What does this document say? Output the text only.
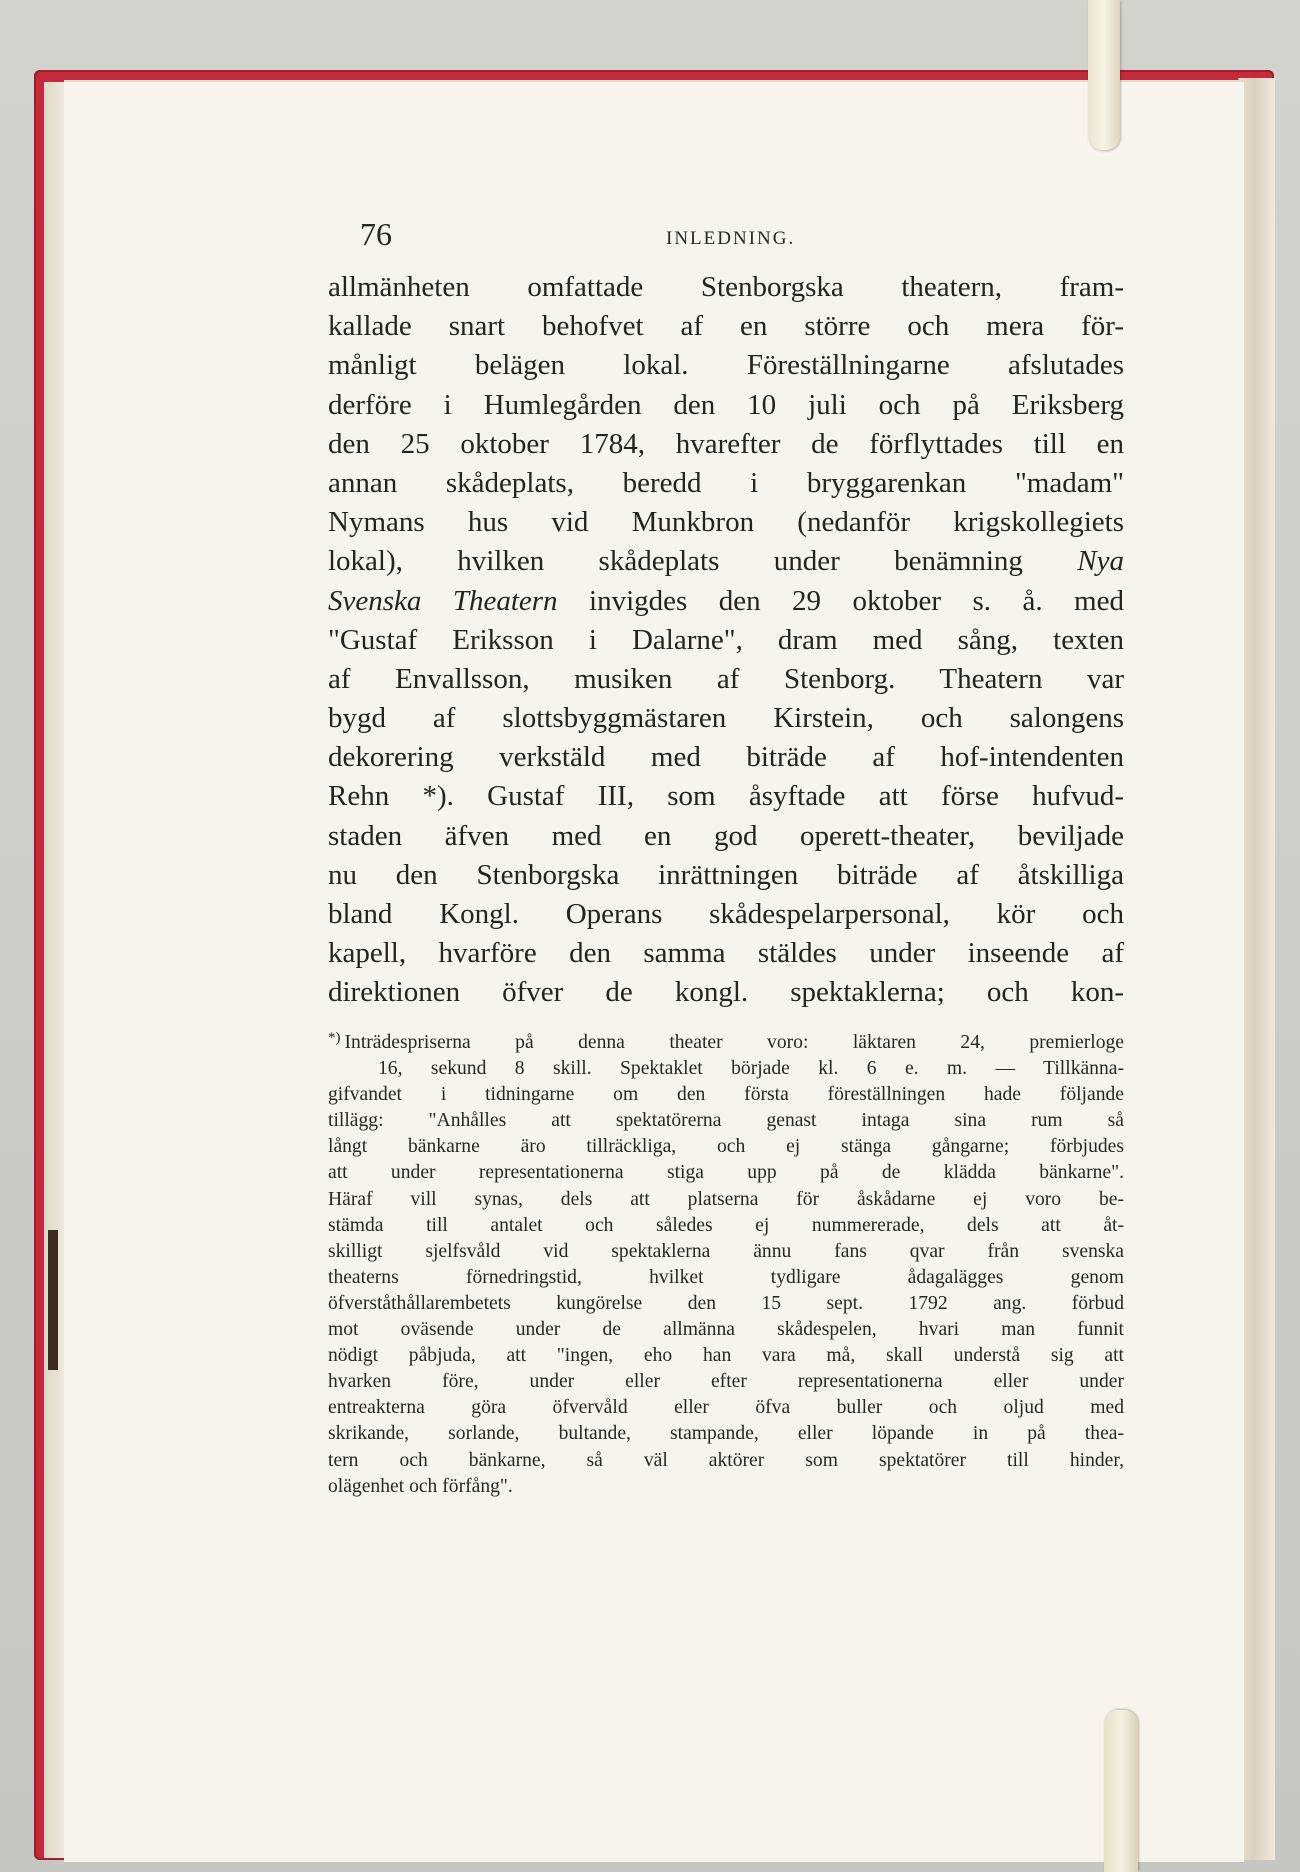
76	INLEDNING.
allmänheten omfattade Stenborgska theatern, fram-
kallade snart behofvet af en större och mera för-
månligt belägen lokal. Föreställningarne afslutades
derföre i Humlegården den 10 juli och på Eriksberg
den 25 oktober 1784, hvarefter de förflyttades till en
annan skådeplats, beredd i bryggarenkan "madam"
Nymans hus vid Munkbron (nedanför krigskollegiets
lokal), hvilken skådeplats under benämning Nya
Svenska Theatern invigdes den 29 oktober s. å. med
"Gustaf Eriksson i Dalarne", dram med sång, texten
af Envallsson, musiken af Stenborg. Theatern var
bygd af slottsbyggmästaren Kirstein, och salongens
dekorering verkstäld med biträde af hof-intendenten
Rehn *). Gustaf III, som åsyftade att förse hufvud-
staden äfven med en god operett-theater, beviljade
nu den Stenborgska inrättningen biträde af åtskilliga
bland Kongl. Operans skådespelarpersonal, kör och
kapell, hvarföre den samma stäldes under inseende af
direktionen öfver de kongl. spektaklerna; och kon-
*) Inträdespriserna på denna theater voro: läktaren 24, premierloge
16, sekund 8 skill. Spektaklet började kl. 6 e. m. — Tillkänna-
gifvandet i tidningarne om den första föreställningen hade följande
tillägg: "Anhålles att spektatörerna genast intaga sina rum så
långt bänkarne äro tillräckliga, och ej stänga gångarne; förbjudes
att under representationerna stiga upp på de klädda bänkarne".
Häraf vill synas, dels att platserna för åskådarne ej voro be-
stämda till antalet och således ej nummererade, dels att åt-
skilligt sjelfsvåld vid spektaklerna ännu fans qvar från svenska
theaterns förnedringstid, hvilket tydligare ådagalägges genom
öfverståthållarembetets kungörelse den 15 sept. 1792 ang. förbud
mot oväsende under de allmänna skådespelen, hvari man funnit
nödigt påbjuda, att "ingen, eho han vara må, skall understå sig att
hvarken före, under eller efter representationerna eller under
entreakterna göra öfvervåld eller öfva buller och oljud med
skrikande, sorlande, bultande, stampande, eller löpande in på thea-
tern och bänkarne, så väl aktörer som spektatörer till hinder,
olägenhet och förfång".
